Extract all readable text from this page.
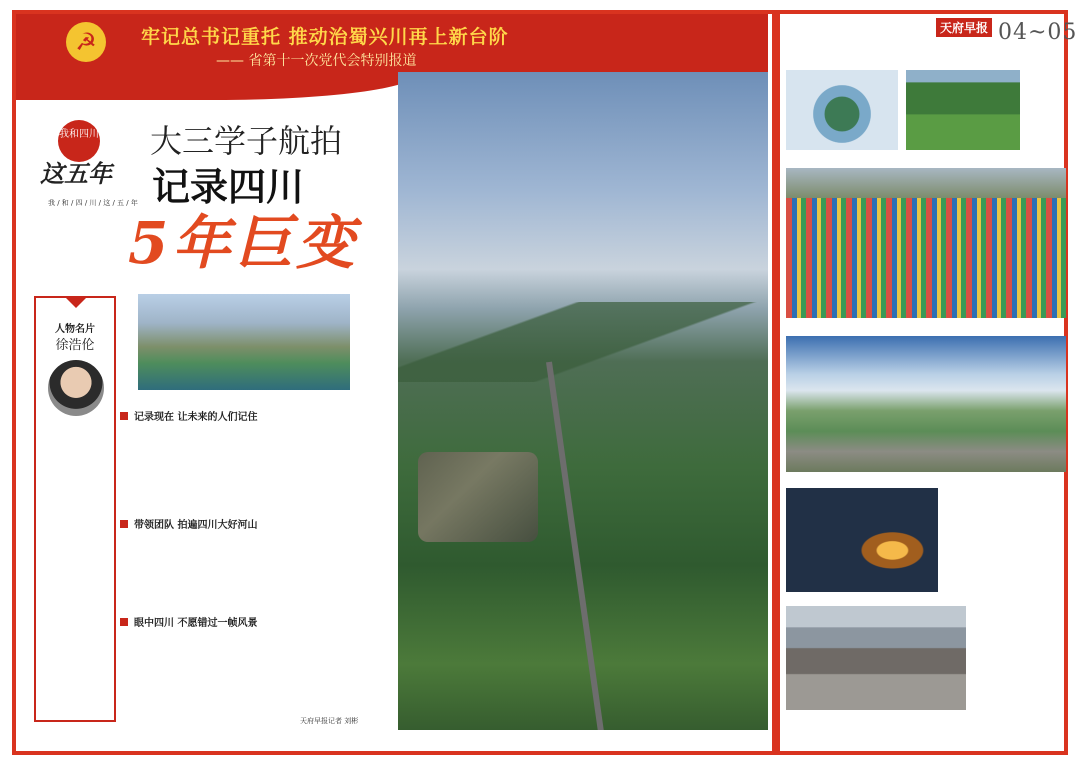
☭	牢记总书记重托 推动治蜀兴川再上新台阶
—— 省第十一次党代会特别报道
天府早报 04~05
我和四川
这五年
我 / 和 / 四 / 川 / 这 / 五 / 年
大三学子航拍
记录四川
5年巨变
人物名片
徐浩伦
记录现在 让未来的人们记住
带领团队 拍遍四川大好河山
眼中四川 不愿错过一帧风景
天府早报记者 刘彬
